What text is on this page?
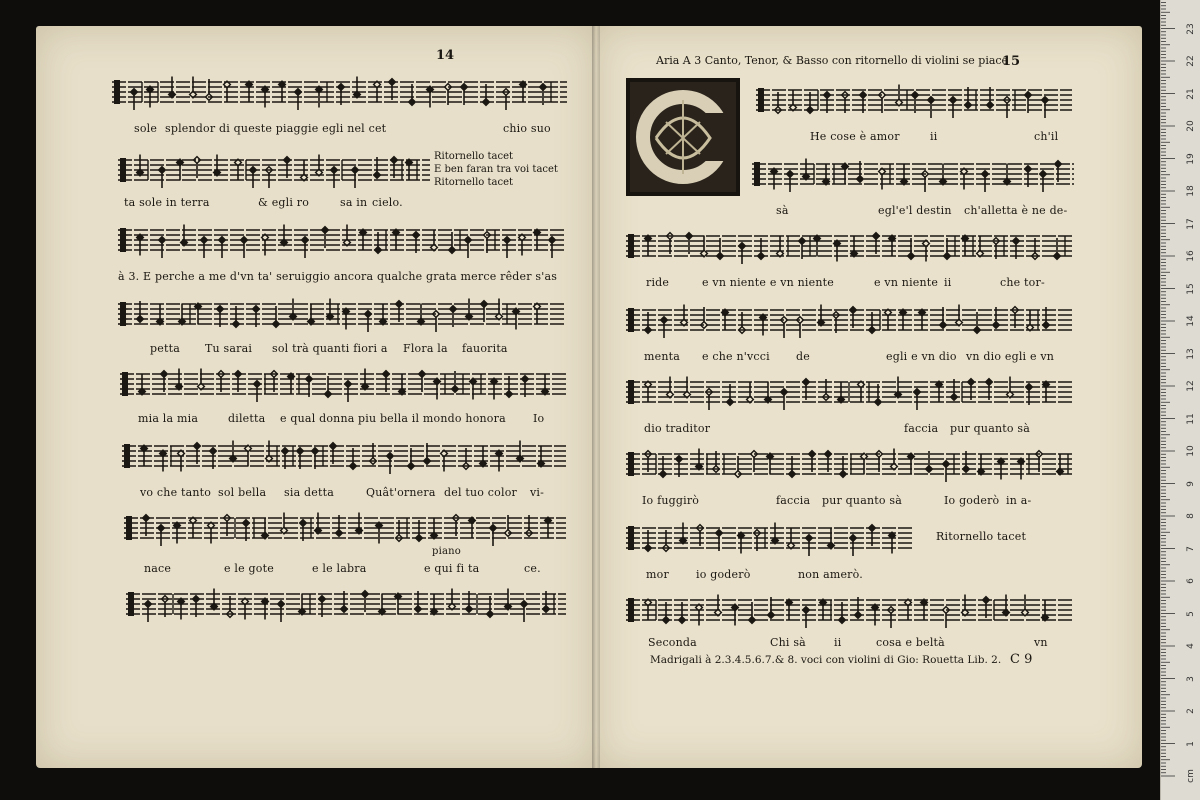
14
sole splendor di queste piaggie egli nel cet	chio suo
Ritornello tacet
E ben faran tra voi tacet
Ritornello tacet
ta sole in terra	& egli ro	sa in cielo.
à 3. E perche a me d'vn ta' seruiggio ancora qualche grata merce rêder s'as
petta Tu sarai sol trà quanti fiori a Flora la fauorita
mia la mia	diletta e qual donna piu bella il mondo honora Io
vo che tanto sol bella sia detta	Quât'ornera del tuo color vi-
piano
nace	e le gote	e le labra	e qui fi ta	ce.
Aria A 3 Canto, Tenor, & Basso con ritornello di violini se piace
15
He cose è amor	ii	ch'il
sà	egl'e'l destin ch'alletta è ne de-
ride	e vn niente e vn niente	e vn niente ii	che tor-
menta e che n'vcci de	egli e vn dio vn dio egli e vn
dio traditor	faccia pur quanto sà
Io fuggirò	faccia pur quanto sà	Io goderò in a-
Ritornello tacet
mor io goderò	non amerò.
Seconda	Chi sà	ii	cosa e beltà	vn
Madrigali à 2.3.4.5.6.7.& 8. voci con violini di Gio: Rouetta Lib. 2. C 9
cm
1
2
3
4
5
6
7
8
9
10
11
12
13
14
15
16
17
18
19
20
21
22
23
